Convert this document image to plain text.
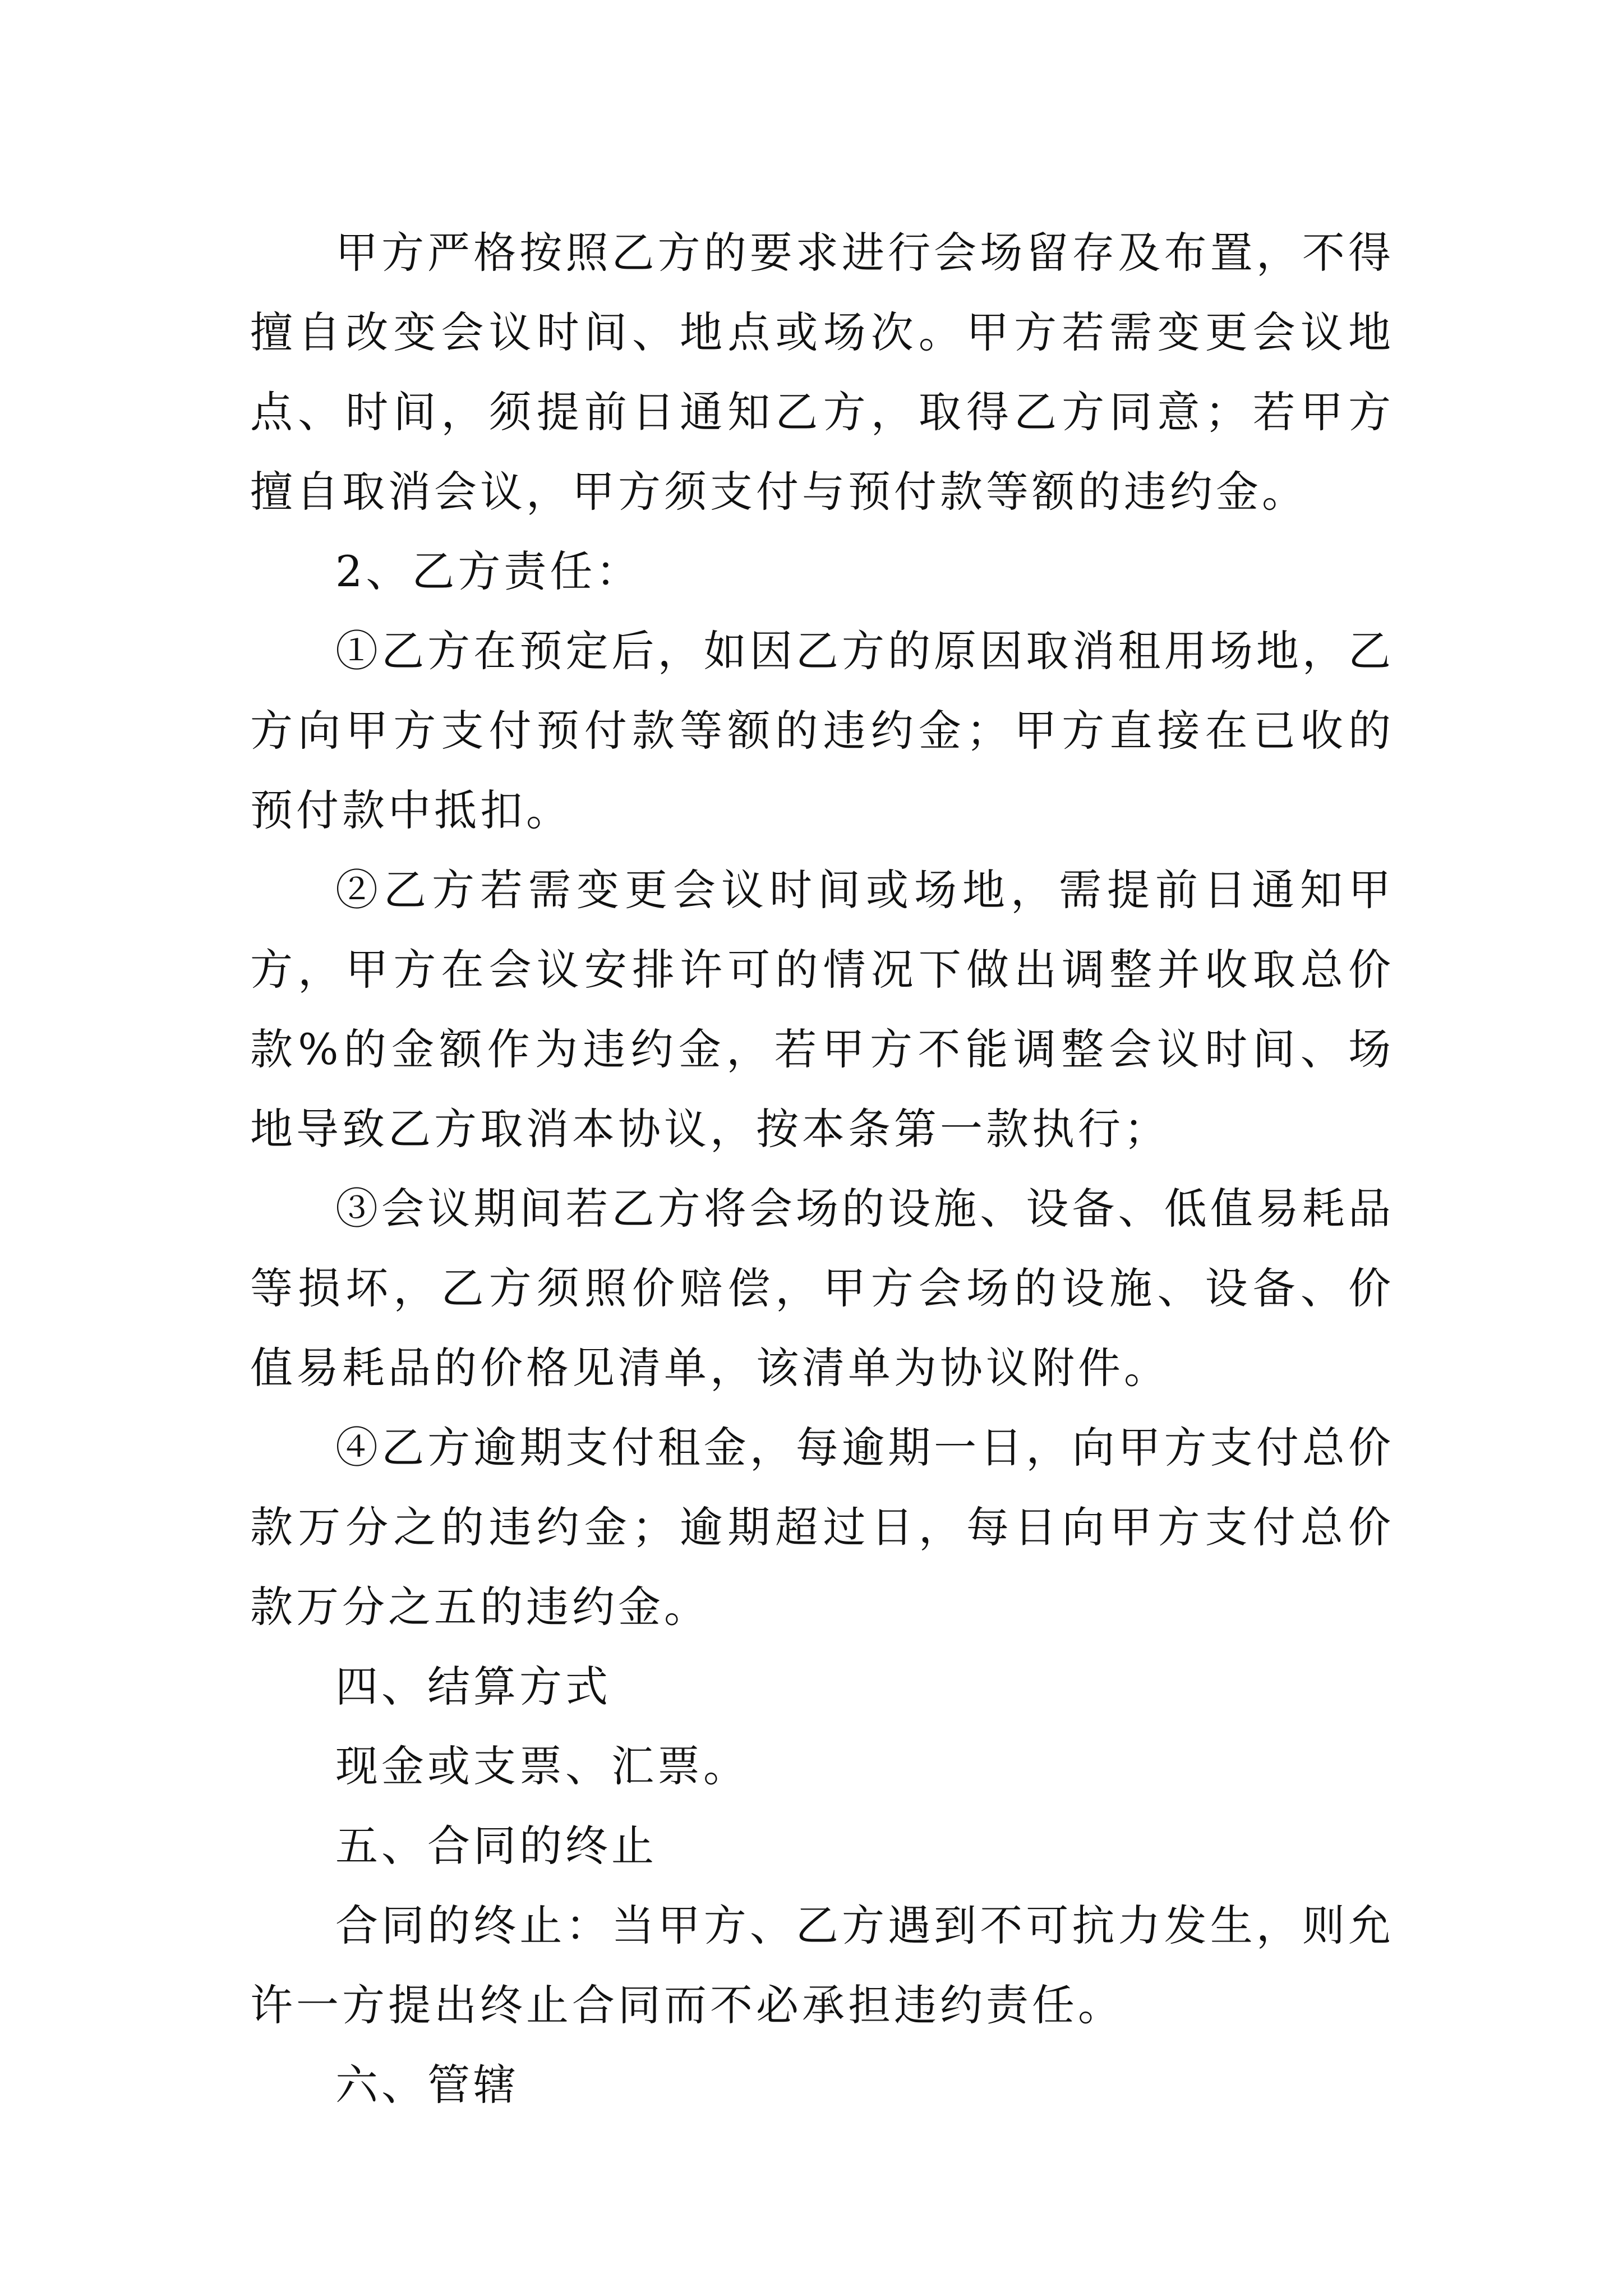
甲方严格按照乙方的要求进行会场留存及布置，不得擅自改变会议时间、地点或场次。甲方若需变更会议地点、时间，须提前日通知乙方，取得乙方同意；若甲方擅自取消会议，甲方须支付与预付款等额的违约金。

2、乙方责任：

①乙方在预定后，如因乙方的原因取消租用场地，乙方向甲方支付预付款等额的违约金；甲方直接在已收的预付款中抵扣。

②乙方若需变更会议时间或场地，需提前日通知甲方，甲方在会议安排许可的情况下做出调整并收取总价款%的金额作为违约金，若甲方不能调整会议时间、场地导致乙方取消本协议，按本条第一款执行；

③会议期间若乙方将会场的设施、设备、低值易耗品等损坏，乙方须照价赔偿，甲方会场的设施、设备、价值易耗品的价格见清单，该清单为协议附件。

④乙方逾期支付租金，每逾期一日，向甲方支付总价款万分之的违约金；逾期超过日，每日向甲方支付总价款万分之五的违约金。

四、结算方式

现金或支票、汇票。

五、合同的终止

合同的终止：当甲方、乙方遇到不可抗力发生，则允许一方提出终止合同而不必承担违约责任。

六、管辖
